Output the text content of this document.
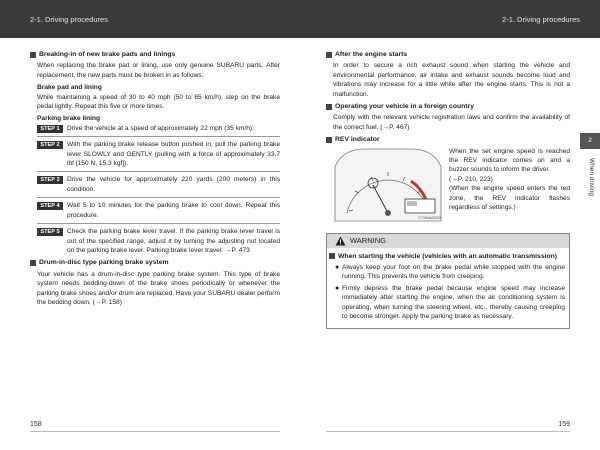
2-1. Driving procedures	2-1. Driving procedures
2
When driving
Breaking-in of new brake pads and linings
When replacing the brake pad or lining, use only genuine SUBARU parts. After replacement, the new parts must be broken in as follows.
Brake pad and lining
While maintaining a speed of 30 to 40 mph (50 to 65 km/h), step on the brake pedal lightly. Repeat this five or more times.
Parking brake lining
STEP 1	Drive the vehicle at a speed of approximately 22 mph (35 km/h).
STEP 2	With the parking brake release button pushed in, pull the parking brake lever SLOWLY and GENTLY (pulling with a force of approximately 33.7 lbf [150 N, 15.3 kgf]).
STEP 3	Drive the vehicle for approximately 220 yards (200 meters) in this condition.
STEP 4	Wait 5 to 10 minutes for the parking brake to cool down. Repeat this procedure.
STEP 5	Check the parking brake lever travel. If the parking brake lever travel is out of the specified range, adjust it by turning the adjusting nut located on the parking brake lever. Parking brake lever travel: →P. 473
Drum-in-disc type parking brake system
Your vehicle has a drum-in-disc type parking brake system. This type of brake system needs bedding-down of the brake shoes periodically or whenever the parking brake shoes and/or drum are replaced. Have your SUBARU dealer perform the bedding down. (→P. 158)
After the engine starts
In order to secure a rich exhaust sound when starting the vehicle and environmental performance, air intake and exhaust sounds become loud and vibrations may increase for a little while after the engine starts. This is not a malfunction.
Operating your vehicle in a foreign country
Comply with the relevant vehicle registration laws and confirm the availability of the correct fuel. (→P. 467)
REV indicator
CT40AW003
When the set engine speed is reached the REV indicator comes on and a buzzer sounds to inform the driver.
(→P. 210, 223)
(When the engine speed enters the red zone, the REV indicator flashes regardless of settings.)
WARNING
When starting the vehicle (vehicles with an automatic transmission)
● Always keep your foot on the brake pedal while stopped with the engine running. This prevents the vehicle from creeping.
● Firmly depress the brake pedal because engine speed may increase immediately after starting the engine, when the air conditioning system is operating, when turning the steering wheel, etc., thereby causing creeping to become stronger. Apply the parking brake as necessary.
158	159
